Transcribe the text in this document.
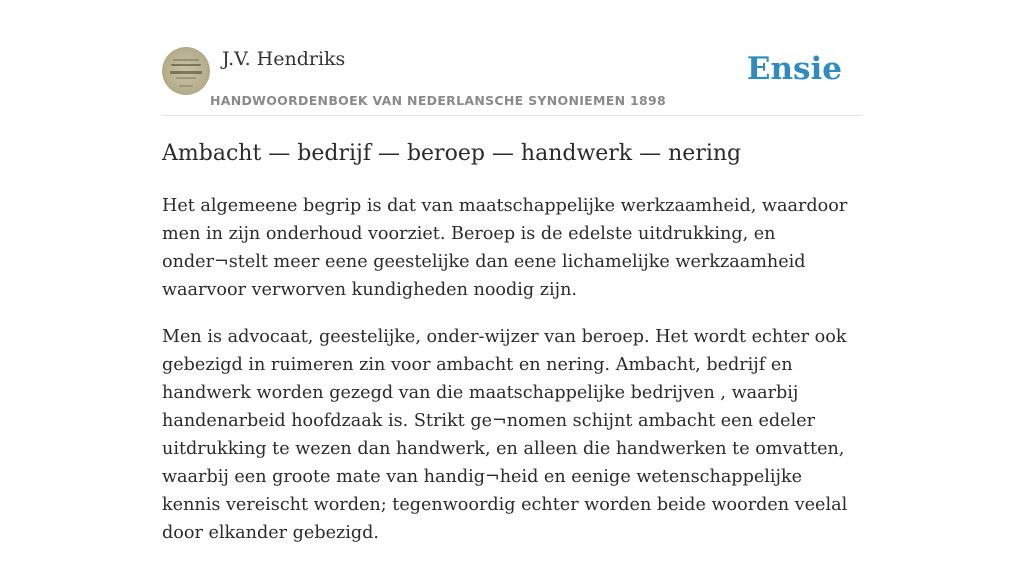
J.V. Hendriks
HANDWOORDENBOEK VAN NEDERLANSCHE SYNONIEMEN 1898
Ensie
Ambacht — bedrijf — beroep — handwerk — nering

Het algemeene begrip is dat van maatschappelijke werkzaamheid, waardoor men in zijn onderhoud voorziet. Beroep is de edelste uitdrukking, en onder¬stelt meer eene geestelijke dan eene lichamelijke werkzaamheid waarvoor verworven kundigheden noodig zijn.

Men is advocaat, geestelijke, onder-wijzer van beroep. Het wordt echter ook gebezigd in ruimeren zin voor ambacht en nering. Ambacht, bedrijf en handwerk worden gezegd van die maatschappelijke bedrijven , waarbij handenarbeid hoofdzaak is. Strikt ge¬nomen schijnt ambacht een edeler uitdrukking te wezen dan handwerk, en alleen die handwerken te omvatten, waarbij een groote mate van handig¬heid en eenige wetenschappelijke kennis vereischt worden; tegenwoordig echter worden beide woorden veelal door elkander gebezigd.
